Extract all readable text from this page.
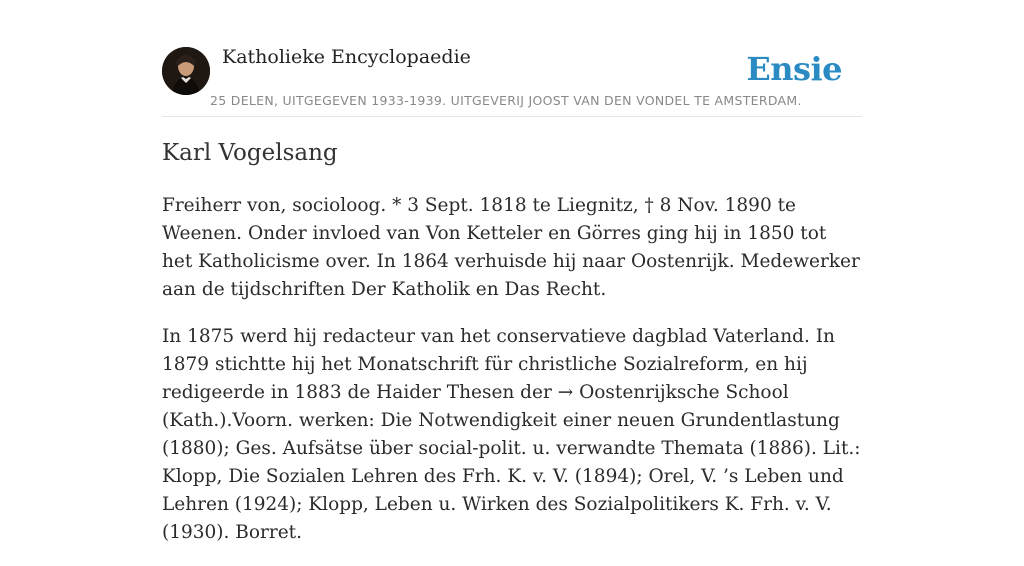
Katholieke Encyclopaedie	Ensie
25 DELEN, UITGEGEVEN 1933-1939. UITGEVERIJ JOOST VAN DEN VONDEL TE AMSTERDAM.
Karl Vogelsang

Freiherr von, socioloog. * 3 Sept. 1818 te Liegnitz, † 8 Nov. 1890 te Weenen. Onder invloed van Von Ketteler en Görres ging hij in 1850 tot het Katholicisme over. In 1864 verhuisde hij naar Oostenrijk. Medewerker aan de tijdschriften Der Katholik en Das Recht.

In 1875 werd hij redacteur van het conservatieve dagblad Vaterland. In 1879 stichtte hij het Monatschrift für christliche Sozialreform, en hij redigeerde in 1883 de Haider Thesen der → Oostenrijksche School (Kath.).Voorn. werken: Die Notwendigkeit einer neuen Grundentlastung (1880); Ges. Aufsätse über social-polit. u. verwandte Themata (1886). Lit.: Klopp, Die Sozialen Lehren des Frh. K. v. V. (1894); Orel, V. ’s Leben und Lehren (1924); Klopp, Leben u. Wirken des Sozialpolitikers K. Frh. v. V. (1930). Borret.
